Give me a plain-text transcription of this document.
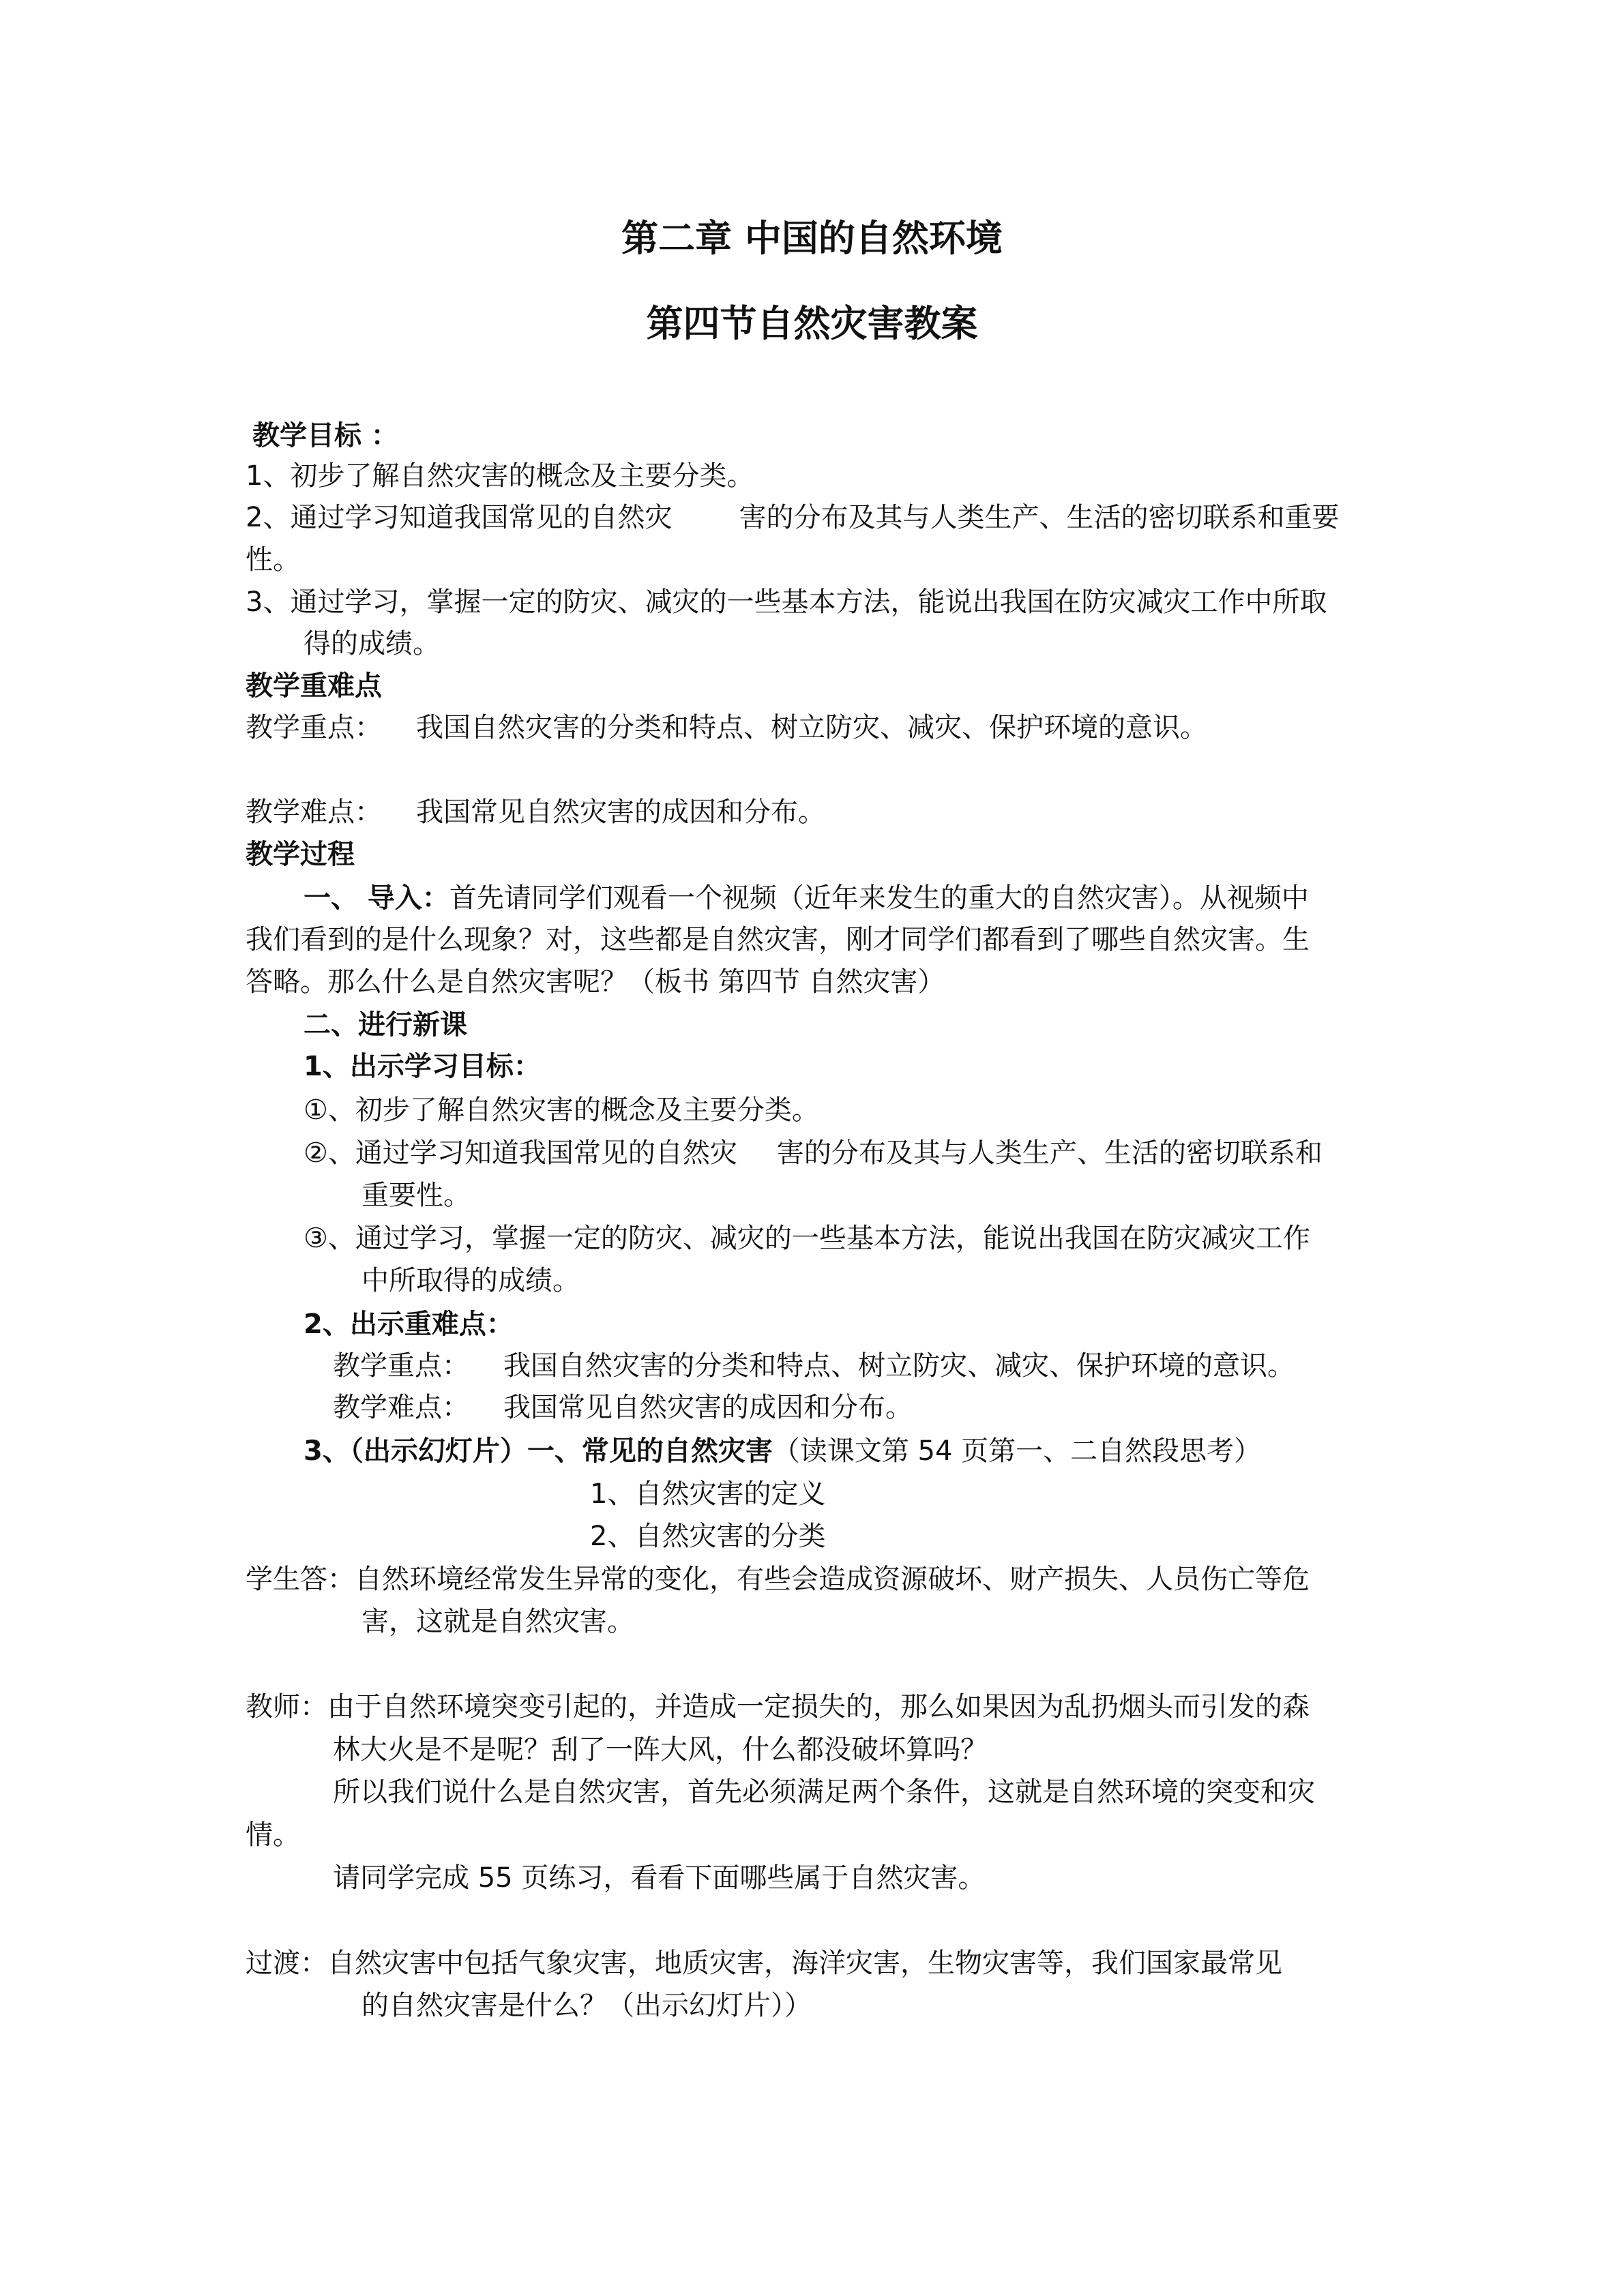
第二章 中国的自然环境
第四节自然灾害教案
教学目标 ：
1、初步了解自然灾害的概念及主要分类。
2、通过学习知道我国常见的自然灾 害的分布及其与人类生产、生活的密切联系和重要
性。
3、通过学习，掌握一定的防灾、减灾的一些基本方法，能说出我国在防灾减灾工作中所取
得的成绩。
教学重难点
教学重点： 我国自然灾害的分类和特点、树立防灾、减灾、保护环境的意识。
教学难点： 我国常见自然灾害的成因和分布。
教学过程
一、 导入：首先请同学们观看一个视频（近年来发生的重大的自然灾害）。从视频中
我们看到的是什么现象？对，这些都是自然灾害，刚才同学们都看到了哪些自然灾害。生
答略。那么什么是自然灾害呢？（板书 第四节 自然灾害）
二、进行新课
1、出示学习目标：
①、初步了解自然灾害的概念及主要分类。
②、通过学习知道我国常见的自然灾 害的分布及其与人类生产、生活的密切联系和
重要性。
③、通过学习，掌握一定的防灾、减灾的一些基本方法，能说出我国在防灾减灾工作
中所取得的成绩。
2、出示重难点：
教学重点： 我国自然灾害的分类和特点、树立防灾、减灾、保护环境的意识。
教学难点： 我国常见自然灾害的成因和分布。
3、（出示幻灯片）一、常见的自然灾害（读课文第 54 页第一、二自然段思考）
1、自然灾害的定义
2、自然灾害的分类
学生答：自然环境经常发生异常的变化，有些会造成资源破坏、财产损失、人员伤亡等危
害，这就是自然灾害。
教师：由于自然环境突变引起的，并造成一定损失的，那么如果因为乱扔烟头而引发的森
林大火是不是呢？刮了一阵大风，什么都没破坏算吗？
所以我们说什么是自然灾害，首先必须满足两个条件，这就是自然环境的突变和灾
情。
请同学完成 55 页练习，看看下面哪些属于自然灾害。
过渡：自然灾害中包括气象灾害，地质灾害，海洋灾害，生物灾害等，我们国家最常见
的自然灾害是什么？（出示幻灯片））
